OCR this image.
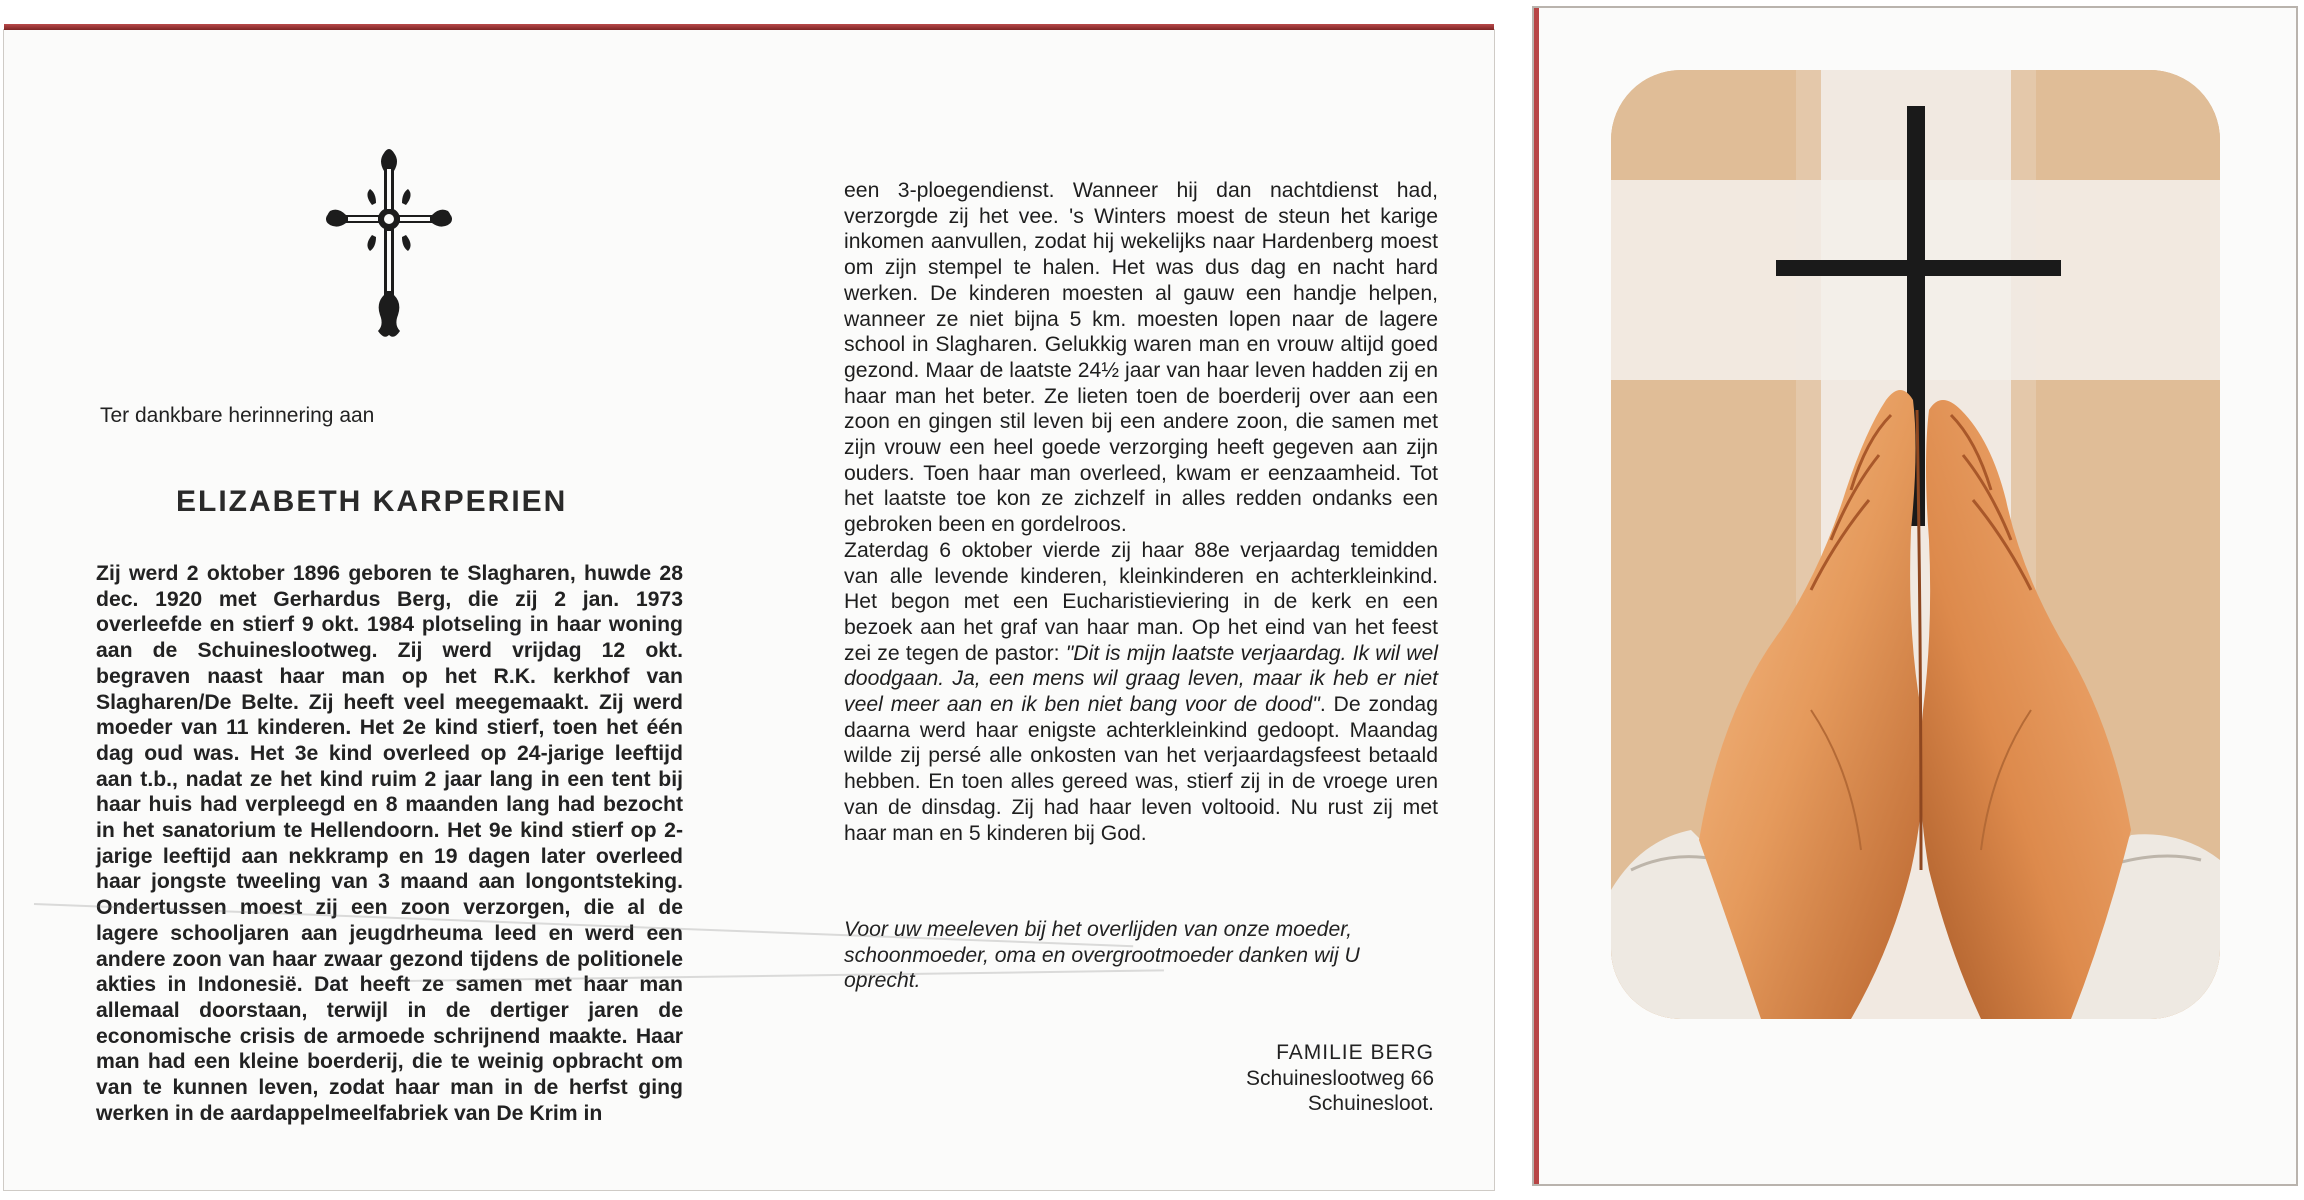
Ter dankbare herinnering aan
ELIZABETH KARPERIEN

Zij werd 2 oktober 1896 geboren te Slagharen, huwde 28 dec. 1920 met Gerhardus Berg, die zij 2 jan. 1973 overleefde en stierf 9 okt. 1984 plotseling in haar woning aan de Schuineslootweg. Zij werd vrijdag 12 okt. begraven naast haar man op het R.K. kerkhof van Slagharen/De Belte. Zij heeft veel meegemaakt. Zij werd moeder van 11 kinderen. Het 2e kind stierf, toen het één dag oud was. Het 3e kind overleed op 24-jarige leeftijd aan t.b., nadat ze het kind ruim 2 jaar lang in een tent bij haar huis had verpleegd en 8 maanden lang had bezocht in het sanatorium te Hellendoorn. Het 9e kind stierf op 2-jarige leeftijd aan nekkramp en 19 dagen later overleed haar jongste tweeling van 3 maand aan longontsteking. Ondertussen moest zij een zoon verzorgen, die al de lagere schooljaren aan jeugdrheuma leed en werd een andere zoon van haar zwaar gezond tijdens de politionele akties in Indonesië. Dat heeft ze samen met haar man allemaal doorstaan, terwijl in de dertiger jaren de economische crisis de armoede schrijnend maakte. Haar man had een kleine boerderij, die te weinig opbracht om van te kunnen leven, zodat haar man in de herfst ging werken in de aardappelmeelfabriek van De Krim in

een 3-ploegendienst. Wanneer hij dan nachtdienst had, verzorgde zij het vee. 's Winters moest de steun het karige inkomen aanvullen, zodat hij wekelijks naar Hardenberg moest om zijn stempel te halen. Het was dus dag en nacht hard werken. De kinderen moesten al gauw een handje helpen, wanneer ze niet bijna 5 km. moesten lopen naar de lagere school in Slagharen. Gelukkig waren man en vrouw altijd goed gezond. Maar de laatste 24½ jaar van haar leven hadden zij en haar man het beter. Ze lieten toen de boerderij over aan een zoon en gingen stil leven bij een andere zoon, die samen met zijn vrouw een heel goede verzorging heeft gegeven aan zijn ouders. Toen haar man overleed, kwam er eenzaamheid. Tot het laatste toe kon ze zichzelf in alles redden ondanks een gebroken been en gordelroos.

Zaterdag 6 oktober vierde zij haar 88e verjaardag temidden van alle levende kinderen, kleinkinderen en achterkleinkind. Het begon met een Eucharistieviering in de kerk en een bezoek aan het graf van haar man. Op het eind van het feest zei ze tegen de pastor: "Dit is mijn laatste verjaardag. Ik wil wel doodgaan. Ja, een mens wil graag leven, maar ik heb er niet veel meer aan en ik ben niet bang voor de dood". De zondag daarna werd haar enigste achterkleinkind gedoopt. Maandag wilde zij persé alle onkosten van het verjaardagsfeest betaald hebben. En toen alles gereed was, stierf zij in de vroege uren van de dinsdag. Zij had haar leven voltooid. Nu rust zij met haar man en 5 kinderen bij God.

Voor uw meeleven bij het overlijden van onze moeder, schoonmoeder, oma en overgrootmoeder danken wij U oprecht.
FAMILIE BERG
Schuineslootweg 66
Schuinesloot.
